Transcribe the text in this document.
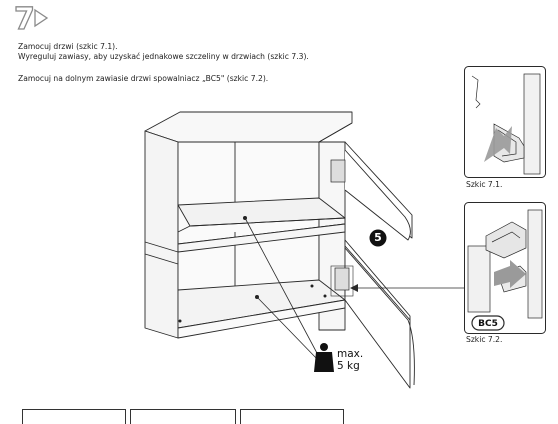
7

Zamocuj drzwi (szkic 7.1).

Wyreguluj zawiasy, aby uzyskać jednakowe szczeliny w drzwiach (szkic 7.3).

Zamocuj na dolnym zawiasie drzwi spowalniacz „BC5" (szkic 7.2).

5
max.
5 kg
Szkic 7.1.
BC5
Szkic 7.2.
